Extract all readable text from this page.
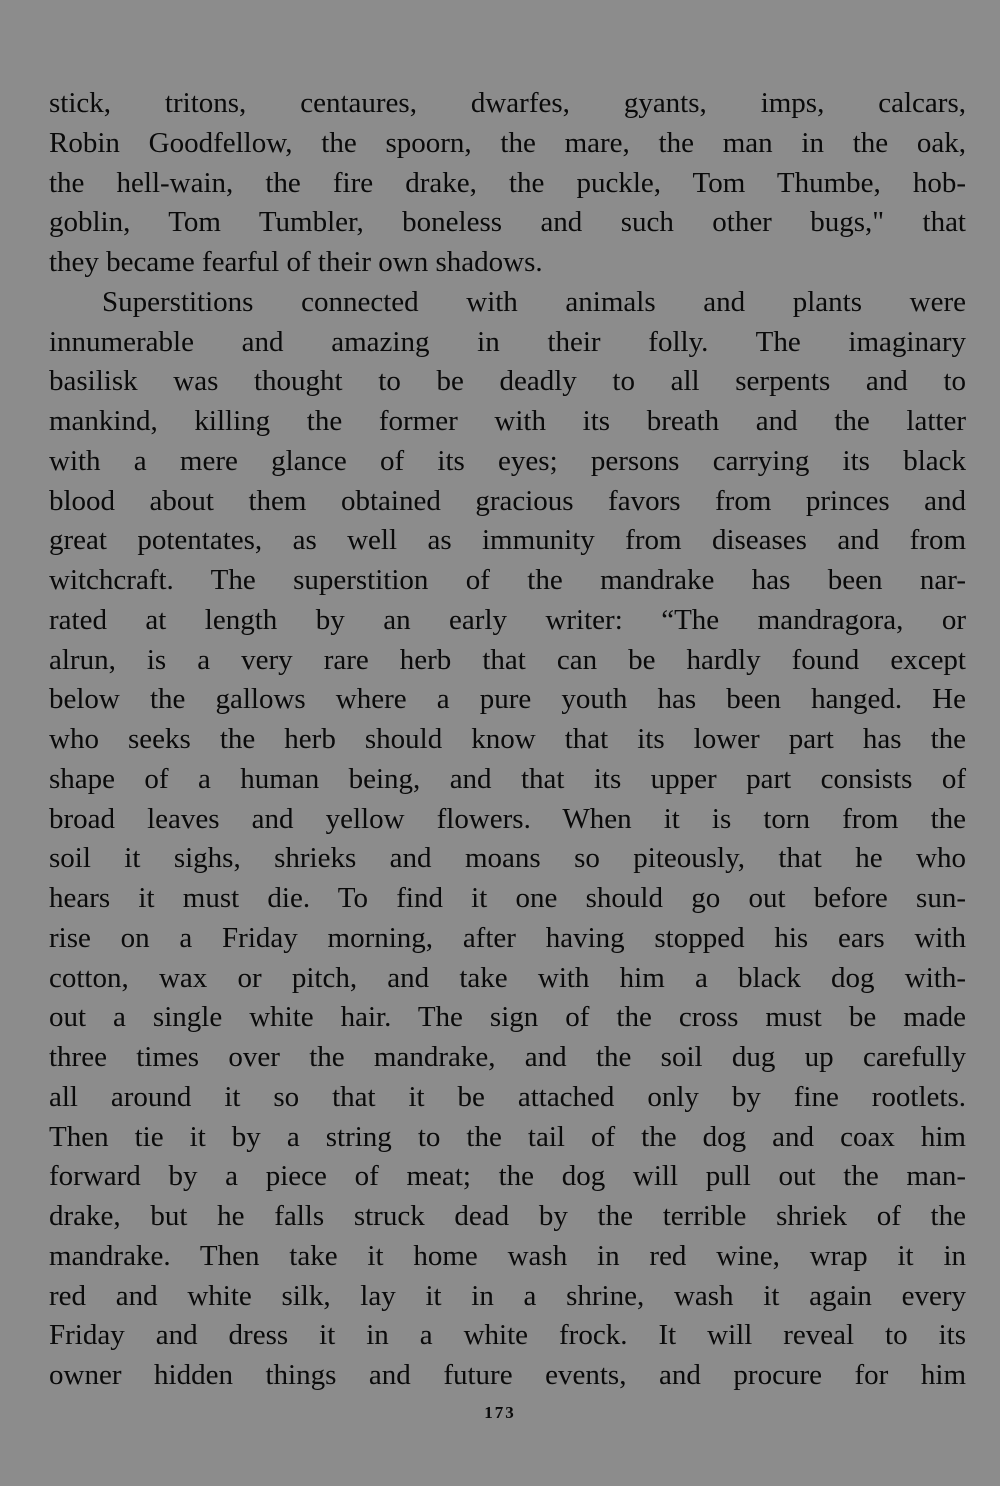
stick, tritons, centaures, dwarfes, gyants, imps, calcars,
Robin Goodfellow, the spoorn, the mare, the man in the oak,
the hell-wain, the fire drake, the puckle, Tom Thumbe, hob-
goblin, Tom Tumbler, boneless and such other bugs," that
they became fearful of their own shadows.
Superstitions connected with animals and plants were
innumerable and amazing in their folly. The imaginary
basilisk was thought to be deadly to all serpents and to
mankind, killing the former with its breath and the latter
with a mere glance of its eyes; persons carrying its black
blood about them obtained gracious favors from princes and
great potentates, as well as immunity from diseases and from
witchcraft. The superstition of the mandrake has been nar-
rated at length by an early writer: “The mandragora, or
alrun, is a very rare herb that can be hardly found except
below the gallows where a pure youth has been hanged. He
who seeks the herb should know that its lower part has the
shape of a human being, and that its upper part consists of
broad leaves and yellow flowers. When it is torn from the
soil it sighs, shrieks and moans so piteously, that he who
hears it must die. To find it one should go out before sun-
rise on a Friday morning, after having stopped his ears with
cotton, wax or pitch, and take with him a black dog with-
out a single white hair. The sign of the cross must be made
three times over the mandrake, and the soil dug up carefully
all around it so that it be attached only by fine rootlets.
Then tie it by a string to the tail of the dog and coax him
forward by a piece of meat; the dog will pull out the man-
drake, but he falls struck dead by the terrible shriek of the
mandrake. Then take it home wash in red wine, wrap it in
red and white silk, lay it in a shrine, wash it again every
Friday and dress it in a white frock. It will reveal to its
owner hidden things and future events, and procure for him
173
